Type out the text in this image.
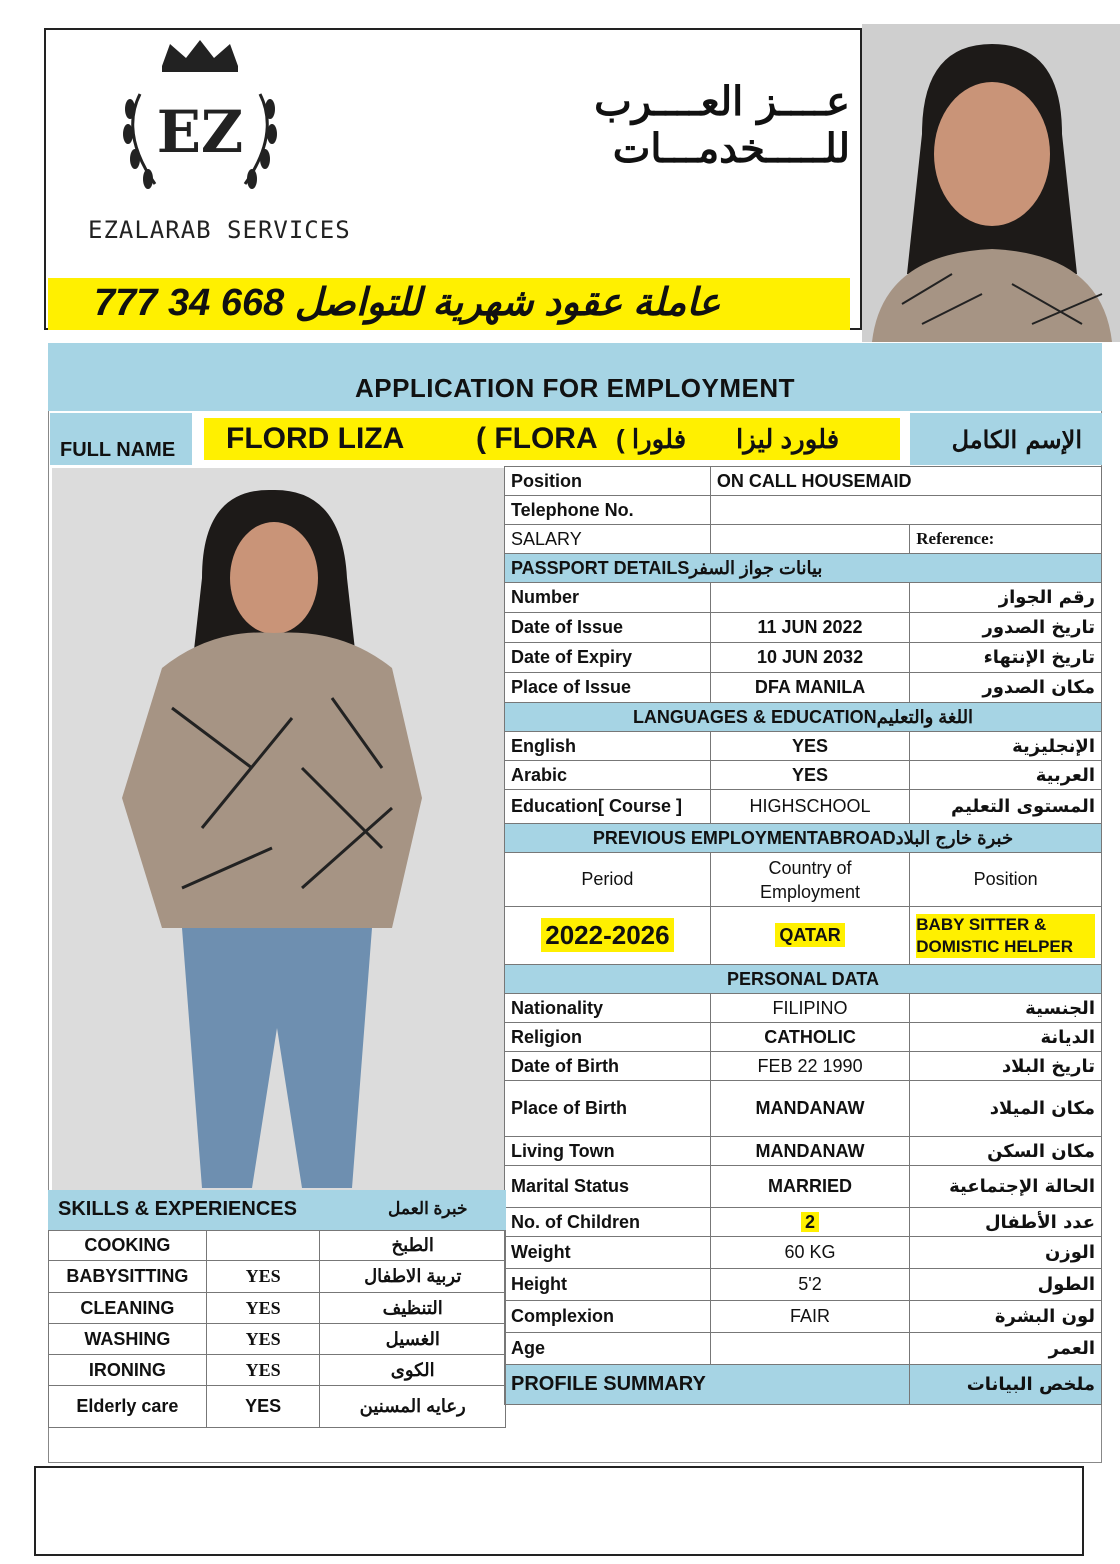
EZ
EZALARAB SERVICES
عــــز العــــرب للـــــخدمـــات
عاملة عقود شهرية للتواصل 668 34 777
APPLICATION FOR EMPLOYMENT
FULL NAME FLORD LIZA ( FLORA فلورا ) فلورد ليزا	الإسم الكامل
Position	ON CALL HOUSEMAID	
Telephone No.		
SALARY		Reference:
PASSPORT DETAILSبيانات جواز السفر		
Number		رقم الجواز
Date of Issue	11 JUN 2022	تاريخ الصدور
Date of Expiry	10 JUN 2032	تاريخ الإنتهاء
Place of Issue	DFA MANILA	مكان الصدور
LANGUAGES & EDUCATIONاللغة والتعليم		
English	YES	الإنجليزية
Arabic	YES	العربية
Education[ Course ]	HIGHSCHOOL	المستوى التعليم
PREVIOUS EMPLOYMENTABROADخبرة خارج البلاد		
Period	Country of Employment	Position
2022-2026	QATAR	BABY SITTER & DOMISTIC HELPER

PERSONAL DATA		
Nationality	FILIPINO	الجنسية
Religion	CATHOLIC	الديانة
Date of Birth	FEB 22 1990	تاريخ البلاد
Place of Birth	MANDANAW	مكان الميلاد
Living Town	MANDANAW	مكان السكن
Marital Status	MARRIED	الحالة الإجتماعية
No. of Children	2	عدد الأطفال
Weight	60 KG	الوزن
Height	5'2	الطول
Complexion	FAIR	لون البشرة
Age		العمر
PROFILE SUMMARY		ملخص البيانات
SKILLS & EXPERIENCES	خبرة العمل
COOKING		الطبخ
BABYSITTING	YES	تربية الاطفال
CLEANING	YES	التنظيف
WASHING	YES	الغسيل
IRONING	YES	الكوى
Elderly care	YES	رعايه المسنين
